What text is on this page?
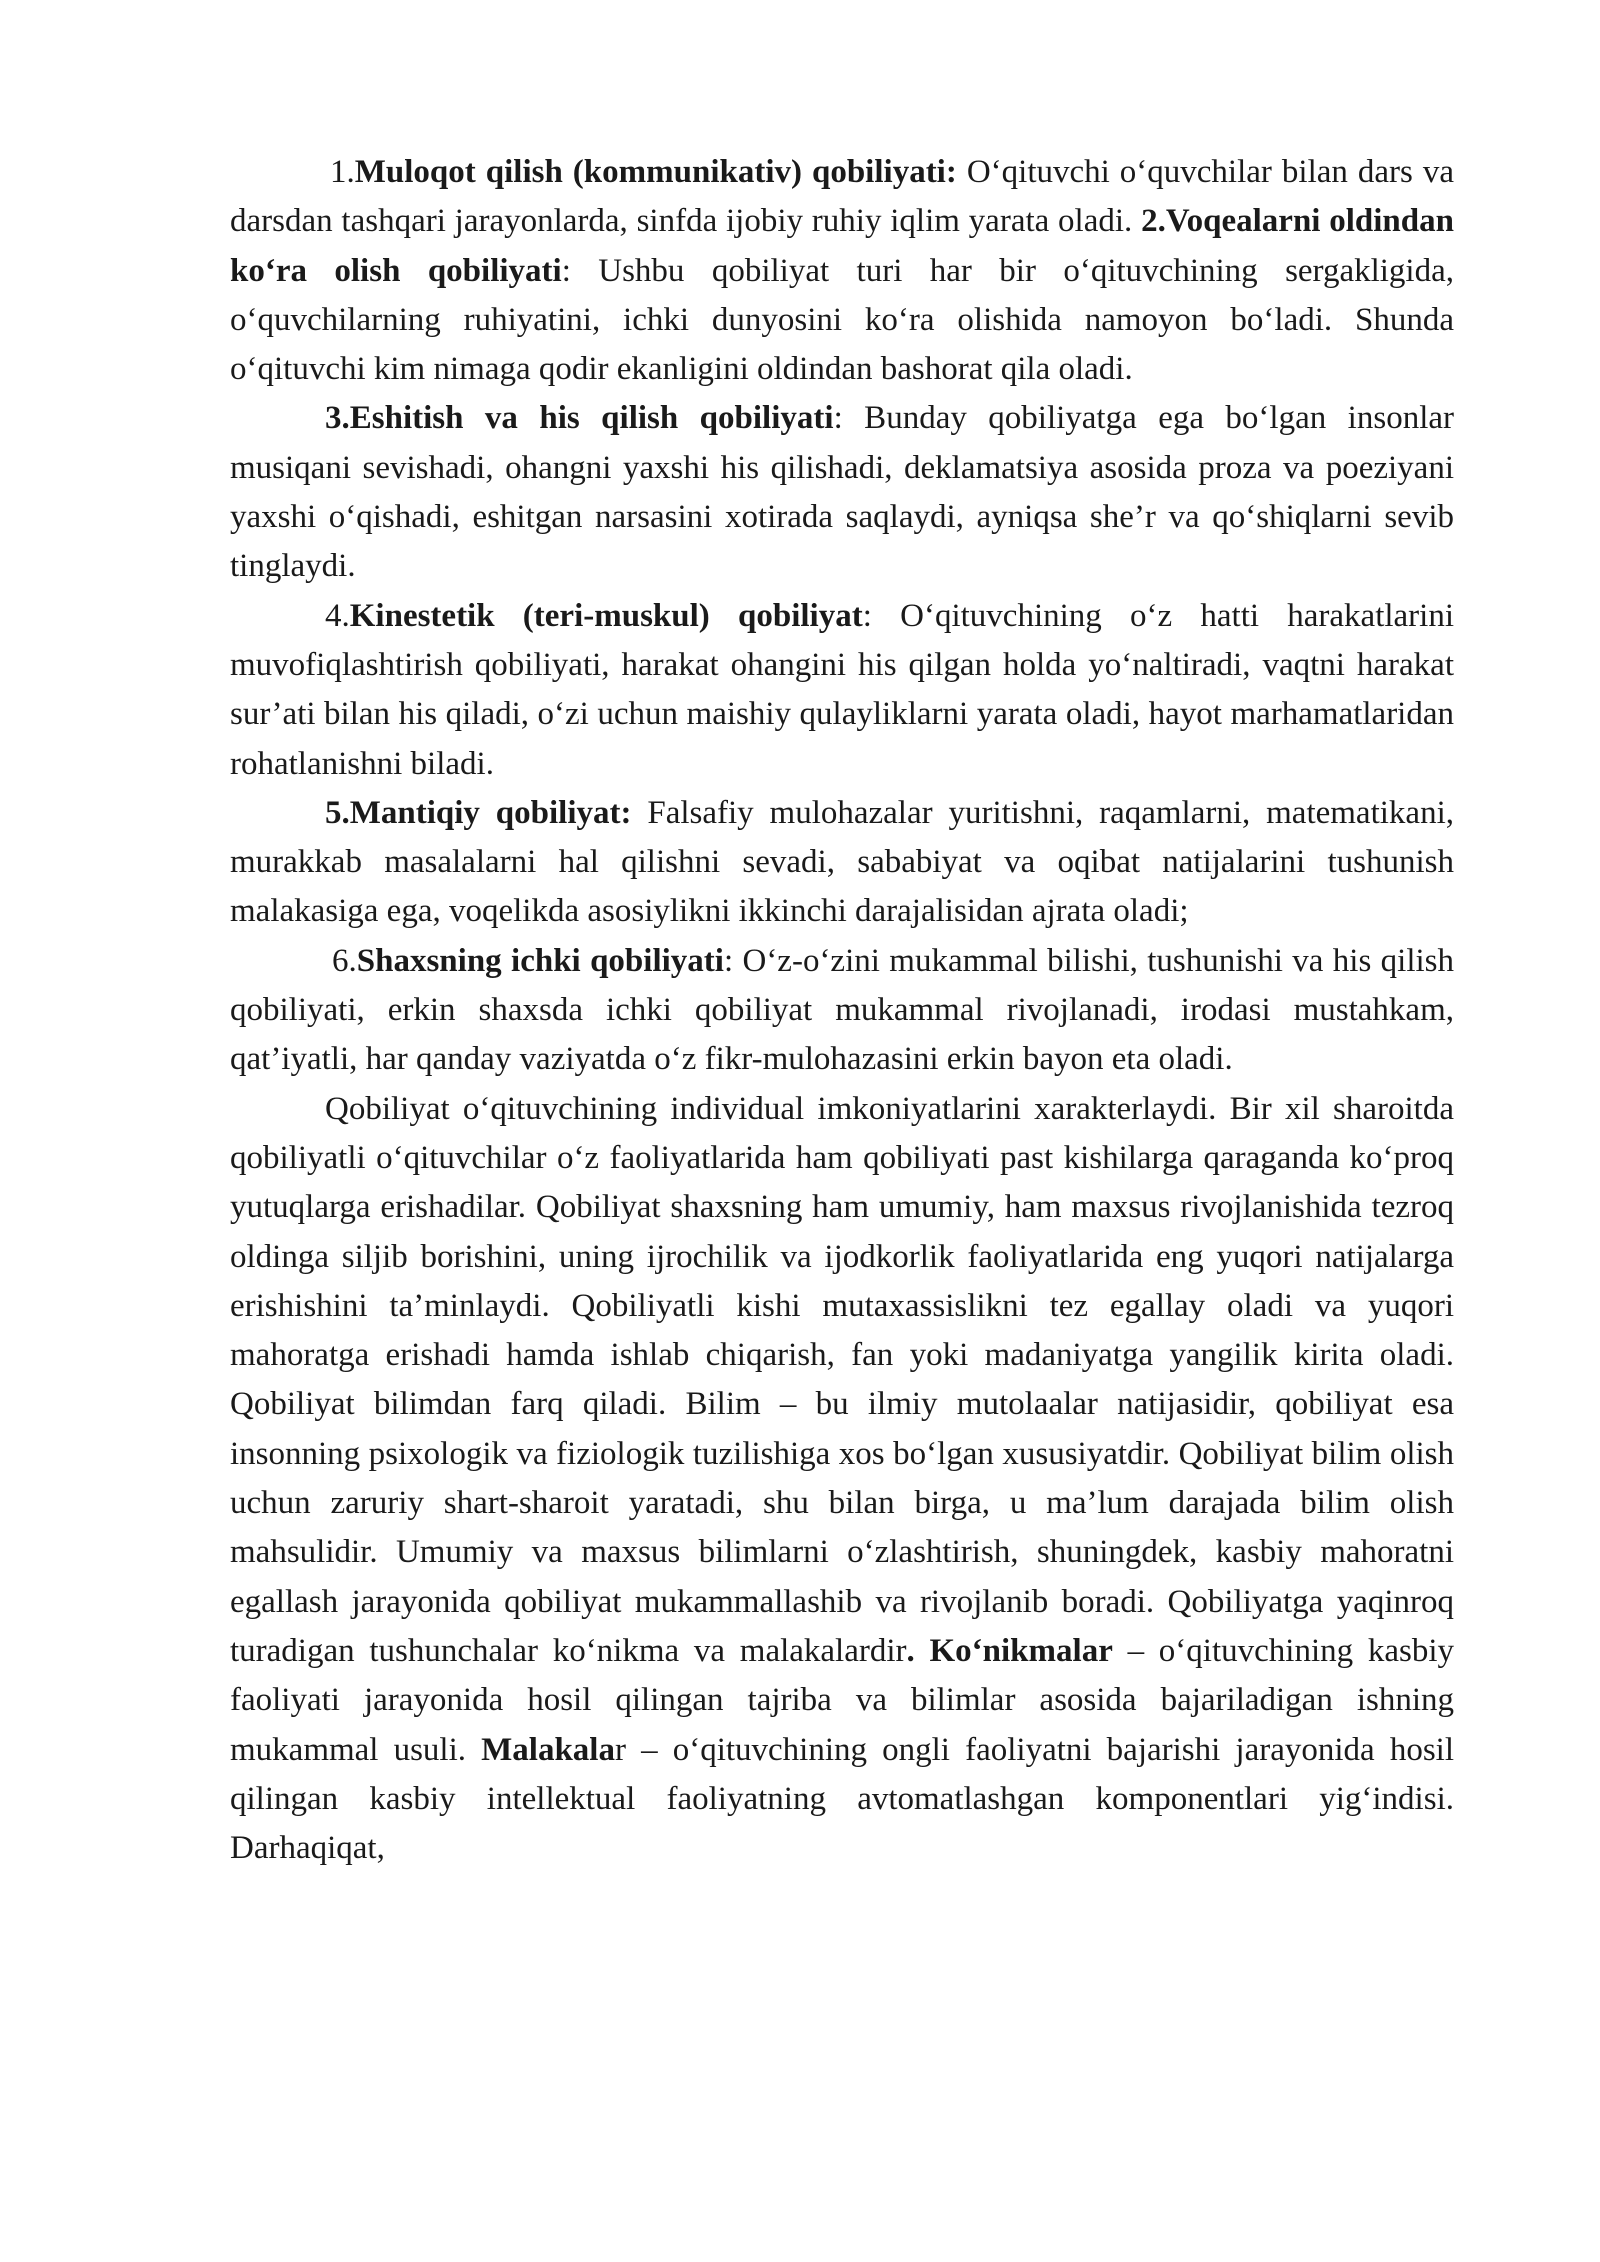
1.Muloqot qilish (kommunikativ) qobiliyati: O‘qituvchi o‘quvchilar bilan dars va darsdan tashqari jarayonlarda, sinfda ijobiy ruhiy iqlim yarata oladi. 2.Voqealarni oldindan ko‘ra olish qobiliyati: Ushbu qobiliyat turi har bir o‘qituvchining sergakligida, o‘quvchilarning ruhiyatini, ichki dunyosini ko‘ra olishida namoyon bo‘ladi. Shunda o‘qituvchi kim nimaga qodir ekanligini oldindan bashorat qila oladi.

3.Eshitish va his qilish qobiliyati: Bunday qobiliyatga ega bo‘lgan insonlar musiqani sevishadi, ohangni yaxshi his qilishadi, deklamatsiya asosida proza va poeziyani yaxshi o‘qishadi, eshitgan narsasini xotirada saqlaydi, ayniqsa she’r va qo‘shiqlarni sevib tinglaydi.

4.Kinestetik (teri-muskul) qobiliyat: O‘qituvchining o‘z hatti harakatlarini muvofiqlashtirish qobiliyati, harakat ohangini his qilgan holda yo‘naltiradi, vaqtni harakat sur’ati bilan his qiladi, o‘zi uchun maishiy qulayliklarni yarata oladi, hayot marhamatlaridan rohatlanishni biladi.

5.Mantiqiy qobiliyat: Falsafiy mulohazalar yuritishni, raqamlarni, matematikani, murakkab masalalarni hal qilishni sevadi, sababiyat va oqibat natijalarini tushunish malakasiga ega, voqelikda asosiylikni ikkinchi darajalisidan ajrata oladi;

6.Shaxsning ichki qobiliyati: O‘z-o‘zini mukammal bilishi, tushunishi va his qilish qobiliyati, erkin shaxsda ichki qobiliyat mukammal rivojlanadi, irodasi mustahkam, qat’iyatli, har qanday vaziyatda o‘z fikr-mulohazasini erkin bayon eta oladi.

Qobiliyat o‘qituvchining individual imkoniyatlarini xarakterlaydi. Bir xil sharoitda qobiliyatli o‘qituvchilar o‘z faoliyatlarida ham qobiliyati past kishilarga qaraganda ko‘proq yutuqlarga erishadilar. Qobiliyat shaxsning ham umumiy, ham maxsus rivojlanishida tezroq oldinga siljib borishini, uning ijrochilik va ijodkorlik faoliyatlarida eng yuqori natijalarga erishishini ta’minlaydi. Qobiliyatli kishi mutaxassislikni tez egallay oladi va yuqori mahoratga erishadi hamda ishlab chiqarish, fan yoki madaniyatga yangilik kirita oladi. Qobiliyat bilimdan farq qiladi. Bilim – bu ilmiy mutolaalar natijasidir, qobiliyat esa insonning psixologik va fiziologik tuzilishiga xos bo‘lgan xususiyatdir. Qobiliyat bilim olish uchun zaruriy shart-sharoit yaratadi, shu bilan birga, u ma’lum darajada bilim olish mahsulidir. Umumiy va maxsus bilimlarni o‘zlashtirish, shuningdek, kasbiy mahoratni egallash jarayonida qobiliyat mukammallashib va rivojlanib boradi. Qobiliyatga yaqinroq turadigan tushunchalar ko‘nikma va malakalardir. Ko‘nikmalar – o‘qituvchining kasbiy faoliyati jarayonida hosil qilingan tajriba va bilimlar asosida bajariladigan ishning mukammal usuli. Malakalar – o‘qituvchining ongli faoliyatni bajarishi jarayonida hosil qilingan kasbiy intellektual faoliyatning avtomatlashgan komponentlari yig‘indisi. Darhaqiqat,
